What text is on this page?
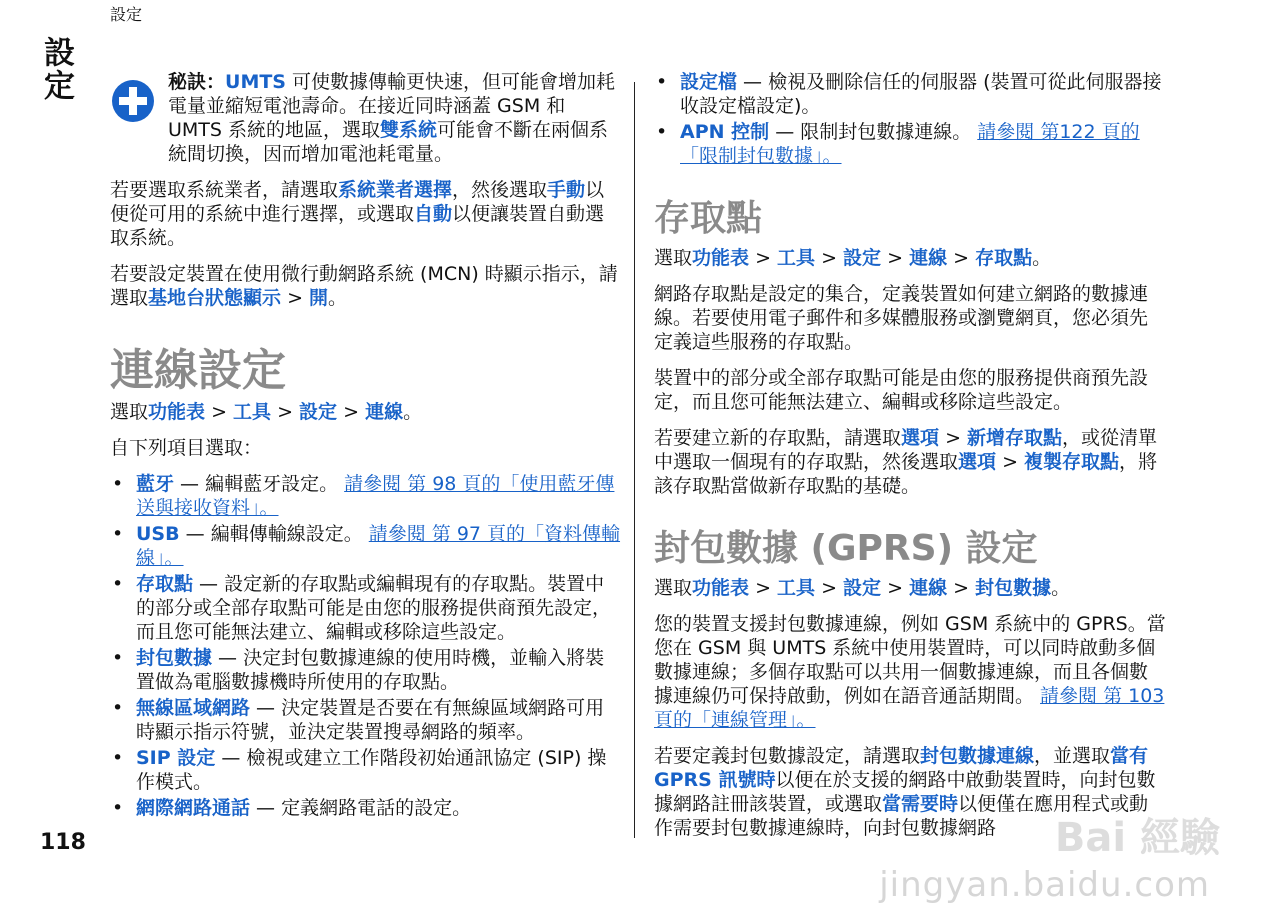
設定
設定
118
秘訣：UMTS 可使數據傳輸更快速，但可能會增加耗電量並縮短電池壽命。在接近同時涵蓋 GSM 和 UMTS 系統的地區，選取雙系統可能會不斷在兩個系統間切換，因而增加電池耗電量。

若要選取系統業者，請選取系統業者選擇，然後選取手動以便從可用的系統中進行選擇，或選取自動以便讓裝置自動選取系統。

若要設定裝置在使用微行動網路系統 (MCN) 時顯示指示，請選取基地台狀態顯示 > 開。

連線設定

選取功能表 > 工具 > 設定 > 連線。

自下列項目選取：

• 藍牙 — 編輯藍牙設定。 請參閱 第 98 頁的「使用藍牙傳送與接收資料」。
• USB — 編輯傳輸線設定。 請參閱 第 97 頁的「資料傳輸線」。
• 存取點 — 設定新的存取點或編輯現有的存取點。裝置中的部分或全部存取點可能是由您的服務提供商預先設定，而且您可能無法建立、編輯或移除這些設定。
• 封包數據 — 決定封包數據連線的使用時機，並輸入將裝置做為電腦數據機時所使用的存取點。
• 無線區域網路 — 決定裝置是否要在有無線區域網路可用時顯示指示符號，並決定裝置搜尋網路的頻率。
• SIP 設定 — 檢視或建立工作階段初始通訊協定 (SIP) 操作模式。
• 網際網路通話 — 定義網路電話的設定。
• 設定檔 — 檢視及刪除信任的伺服器 (裝置可從此伺服器接收設定檔設定)。
• APN 控制 — 限制封包數據連線。 請參閱 第122 頁的「限制封包數據」。
存取點

選取功能表 > 工具 > 設定 > 連線 > 存取點。

網路存取點是設定的集合，定義裝置如何建立網路的數據連線。若要使用電子郵件和多媒體服務或瀏覽網頁，您必須先定義這些服務的存取點。

裝置中的部分或全部存取點可能是由您的服務提供商預先設定，而且您可能無法建立、編輯或移除這些設定。

若要建立新的存取點，請選取選項 > 新增存取點，或從清單中選取一個現有的存取點，然後選取選項 > 複製存取點，將該存取點當做新存取點的基礎。

封包數據 (GPRS) 設定

選取功能表 > 工具 > 設定 > 連線 > 封包數據。

您的裝置支援封包數據連線，例如 GSM 系統中的 GPRS。當您在 GSM 與 UMTS 系統中使用裝置時，可以同時啟動多個數據連線；多個存取點可以共用一個數據連線，而且各個數據連線仍可保持啟動，例如在語音通話期間。 請參閱 第 103 頁的「連線管理」。

若要定義封包數據設定，請選取封包數據連線，並選取當有 GPRS 訊號時以便在於支援的網路中啟動裝置時，向封包數據網路註冊該裝置，或選取當需要時以便僅在應用程式或動作需要封包數據連線時，向封包數據網路	Bai 經驗
jingyan.baidu.com
